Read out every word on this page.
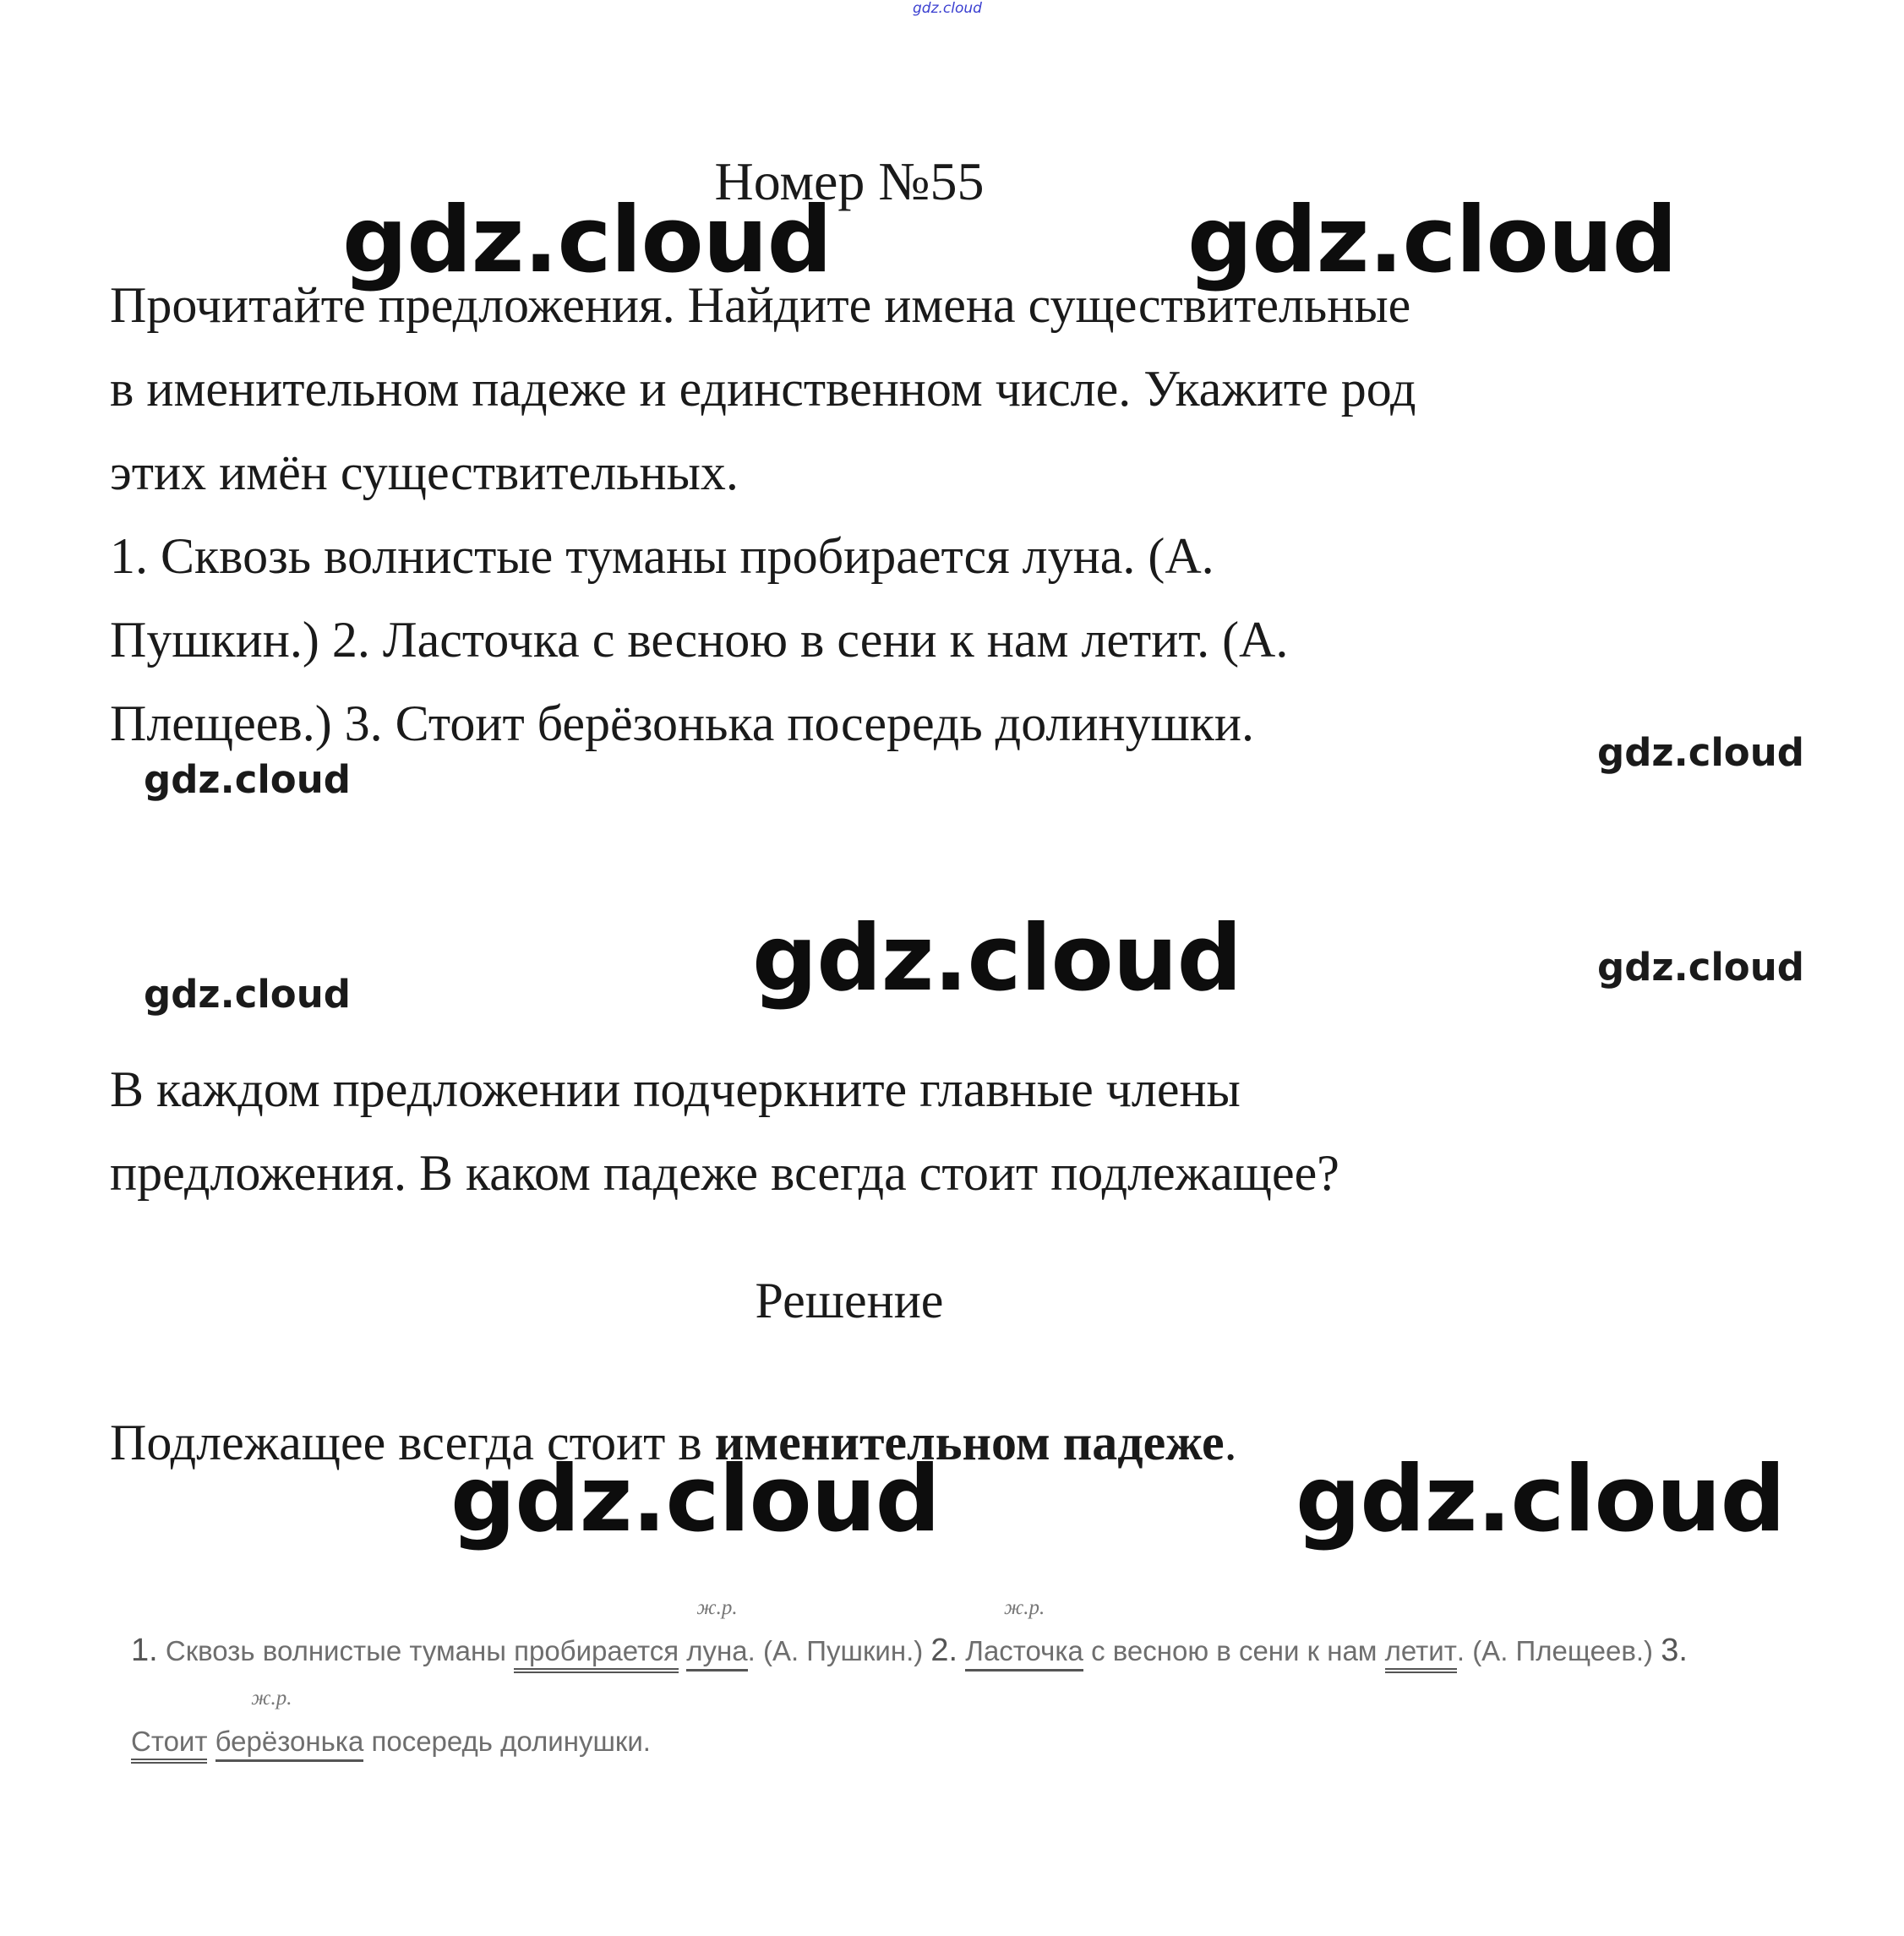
gdz.cloud
Номер №55
gdz.cloud	gdz.cloud
gdz.cloud
gdz.cloud
gdz.cloud	gdz.cloud
gdz.cloud
gdz.cloud	gdz.cloud

Прочитайте предложения. Найдите имена существительные

в именительном падеже и единственном числе. Укажите род

этих имён существительных.

1. Сквозь волнистые туманы пробирается луна. (А.

Пушкин.) 2. Ласточка с весною в сени к нам летит. (А.

Плещеев.) 3. Стоит берёзонька посередь долинушки.

В каждом предложении подчеркните главные члены

предложения. В каком падеже всегда стоит подлежащее?

Решение
Подлежащее всегда стоит в именительном падеже.
1. Сквозь волнистые туманы пробирается луна
ж.р.
. (А. Пушкин.) 2. Ласточка
ж.р.
с весною в сени к нам летит. (А. Плещеев.) 3.
Стоит берёзонька
ж.р.
посередь долинушки.
